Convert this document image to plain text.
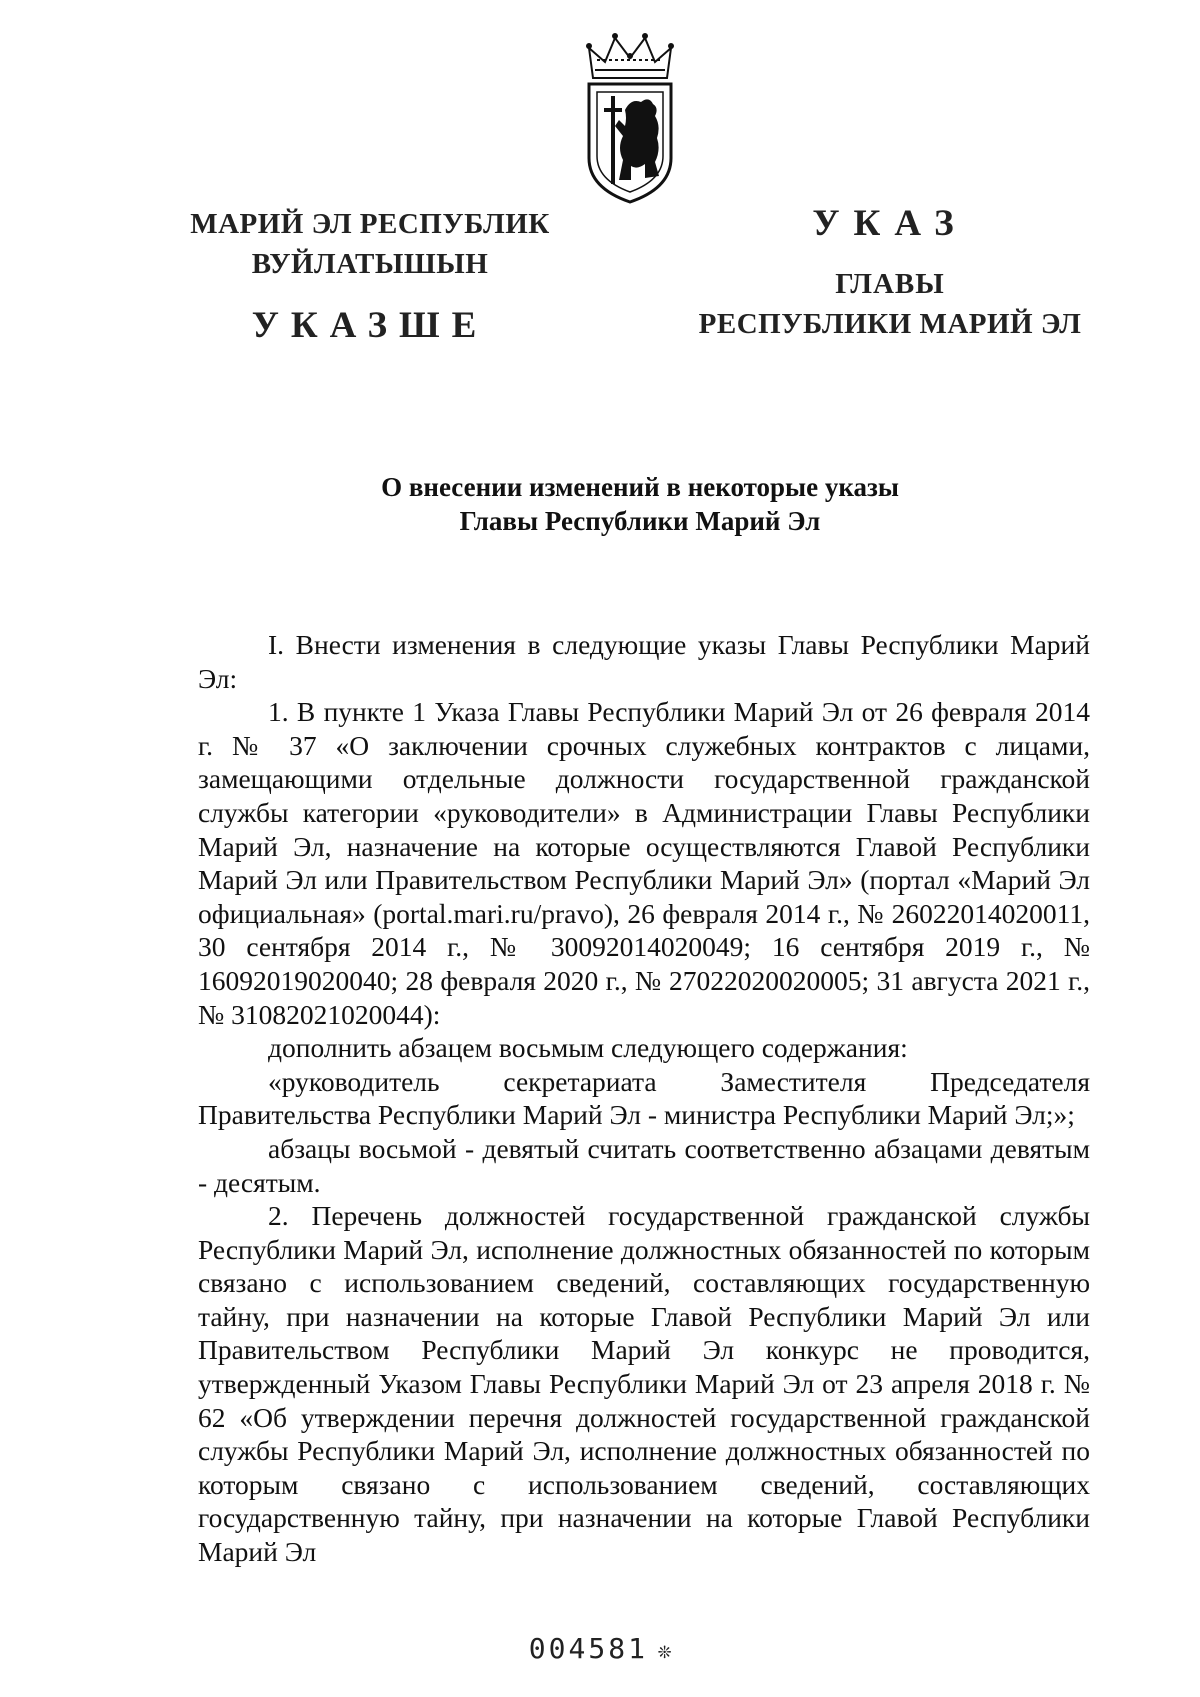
МАРИЙ ЭЛ РЕСПУБЛИК
ВУЙЛАТЫШЫН
УКАЗШЕ
УКАЗ
ГЛАВЫ
РЕСПУБЛИКИ МАРИЙ ЭЛ
О внесении изменений в некоторые указы
Главы Республики Марий Эл

I. Внести изменения в следующие указы Главы Республики Марий Эл:

1. В пункте 1 Указа Главы Республики Марий Эл от 26 февраля 2014 г. № 37 «О заключении срочных служебных контрактов с лицами, замещающими отдельные должности государственной гражданской службы категории «руководители» в Администрации Главы Республики Марий Эл, назначение на которые осуществляются Главой Республики Марий Эл или Правительством Республики Марий Эл» (портал «Марий Эл официальная» (portal.mari.ru/pravo), 26 февраля 2014 г., № 26022014020011, 30 сентября 2014 г., № 30092014020049; 16 сентября 2019 г., № 16092019020040; 28 февраля 2020 г., № 27022020020005; 31 августа 2021 г., № 31082021020044):

дополнить абзацем восьмым следующего содержания:

«руководитель секретариата Заместителя Председателя Правительства Республики Марий Эл - министра Республики Марий Эл;»;

абзацы восьмой - девятый считать соответственно абзацами девятым - десятым.

2. Перечень должностей государственной гражданской службы Республики Марий Эл, исполнение должностных обязанностей по которым связано с использованием сведений, составляющих государственную тайну, при назначении на которые Главой Республики Марий Эл или Правительством Республики Марий Эл конкурс не проводится, утвержденный Указом Главы Республики Марий Эл от 23 апреля 2018 г. № 62 «Об утверждении перечня должностей государственной гражданской службы Республики Марий Эл, исполнение должностных обязанностей по которым связано с использованием сведений, составляющих государственную тайну, при назначении на которые Главой Республики Марий Эл

004581 ❊
